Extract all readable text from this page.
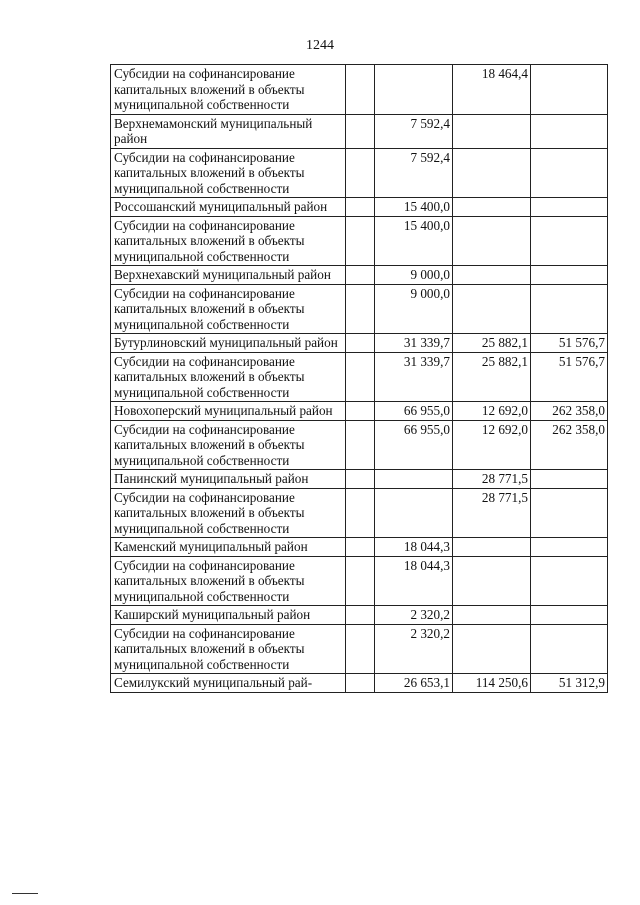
1244
Субсидии на софинансирование капитальных вложений в объекты муниципальной собственности			18 464,4	
Верхнемамонский муниципальный район		7 592,4		
Субсидии на софинансирование капитальных вложений в объекты муниципальной собственности		7 592,4		
Россошанский муниципальный район		15 400,0		
Субсидии на софинансирование капитальных вложений в объекты муниципальной собственности		15 400,0		
Верхнехавский муниципальный район		9 000,0		
Субсидии на софинансирование капитальных вложений в объекты муниципальной собственности		9 000,0		
Бутурлиновский муниципальный район		31 339,7	25 882,1	51 576,7
Субсидии на софинансирование капитальных вложений в объекты муниципальной собственности		31 339,7	25 882,1	51 576,7
Новохоперский муниципальный район		66 955,0	12 692,0	262 358,0
Субсидии на софинансирование капитальных вложений в объекты муниципальной собственности		66 955,0	12 692,0	262 358,0
Панинский муниципальный район			28 771,5	
Субсидии на софинансирование капитальных вложений в объекты муниципальной собственности			28 771,5	
Каменский муниципальный район		18 044,3		
Субсидии на софинансирование капитальных вложений в объекты муниципальной собственности		18 044,3		
Каширский муниципальный район		2 320,2		
Субсидии на софинансирование капитальных вложений в объекты муниципальной собственности		2 320,2		
Семилукский муниципальный рай-		26 653,1	114 250,6	51 312,9
